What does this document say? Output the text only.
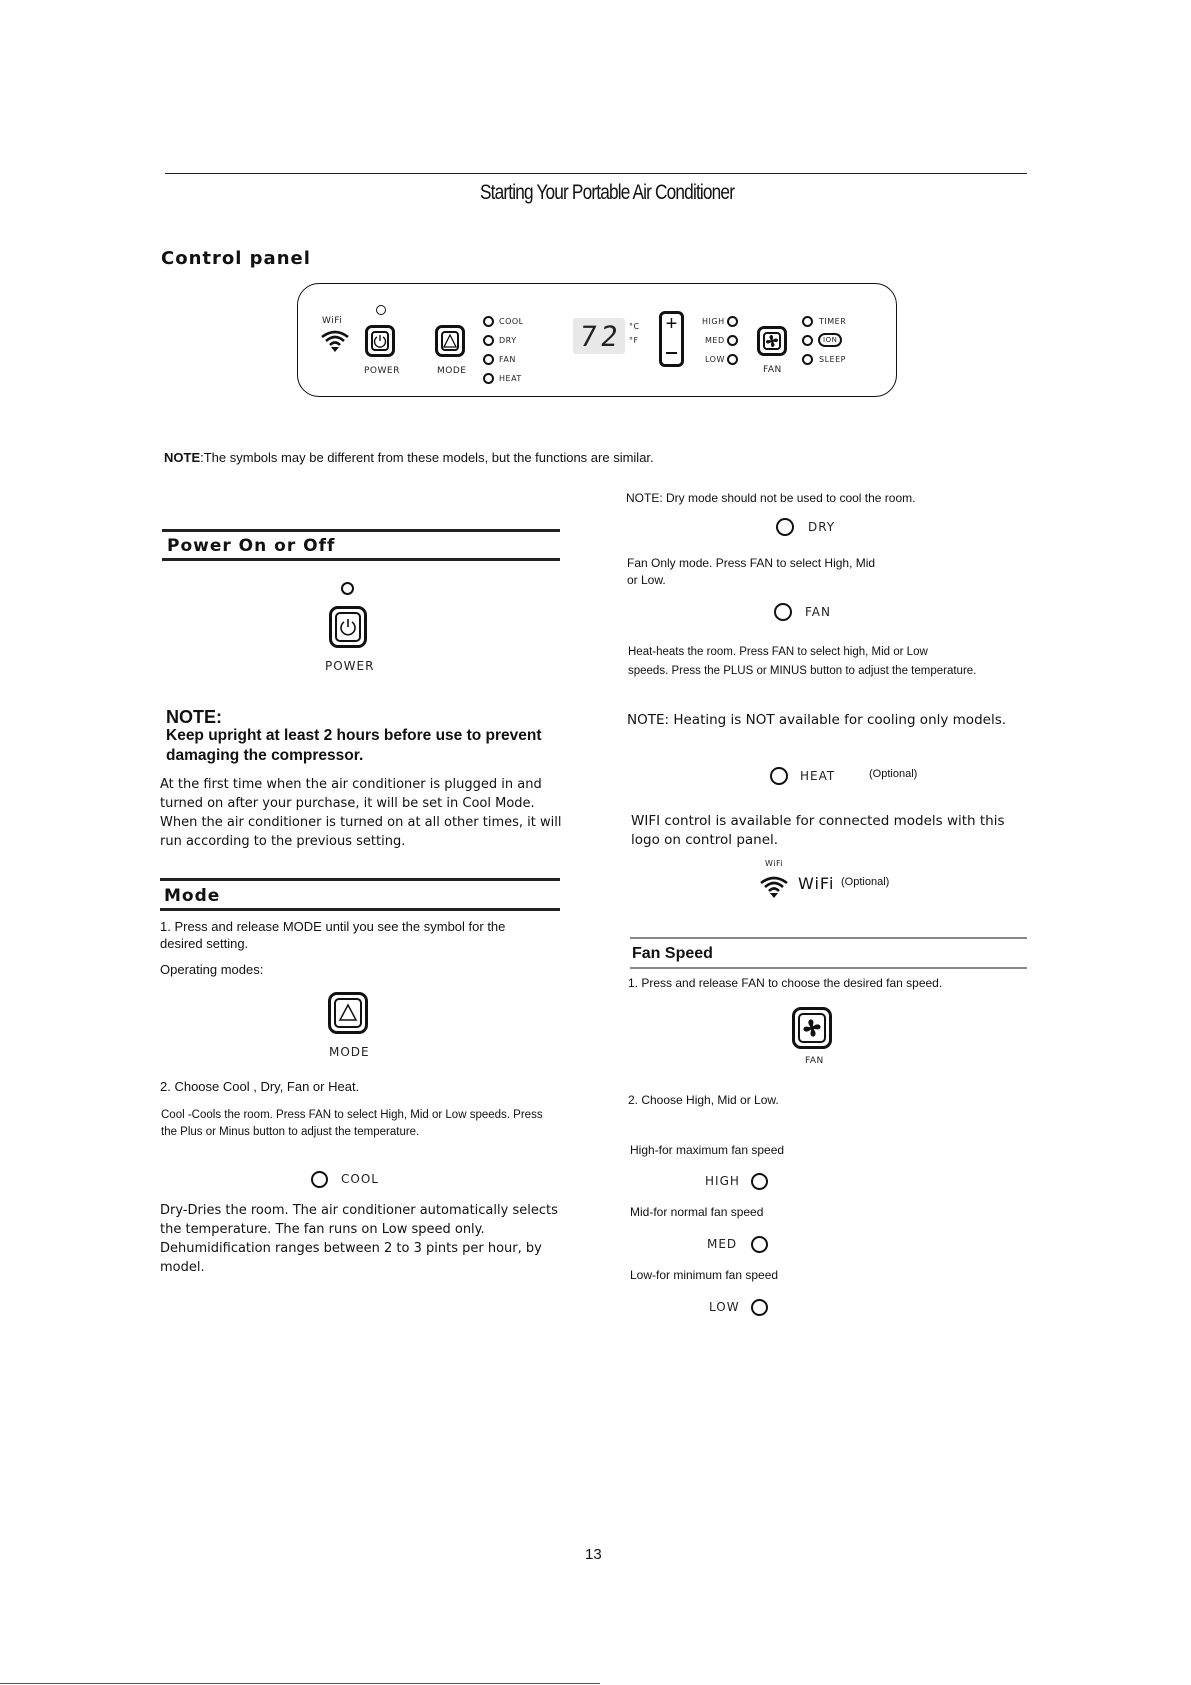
Starting Your Portable Air Conditioner
Control panel
WiFi
POWER	MODE
COOL
DRY
FAN
HEAT
72 °C
°F
+	HIGH
MED
LOW
FAN
TIMER
ION
SLEEP
NOTE:The symbols may be different from these models, but the functions are similar.
Power On or Off
POWER
NOTE:
Keep upright at least 2 hours before use to prevent damaging the compressor.
At the first time when the air conditioner is plugged in and turned on after your purchase, it will be set in Cool Mode. When the air conditioner is turned on at all other times, it will run according to the previous setting.
Mode
1. Press and release MODE until you see the symbol for the desired setting.
Operating modes:
MODE
2. Choose Cool , Dry, Fan or Heat.
Cool -Cools the room. Press FAN to select High, Mid or Low speeds. Press the Plus or Minus button to adjust the temperature.
COOL
Dry-Dries the room. The air conditioner automatically selects the temperature. The fan runs on Low speed only. Dehumidification ranges between 2 to 3 pints per hour, by model.
NOTE: Dry mode should not be used to cool the room.
DRY
Fan Only mode. Press FAN to select High, Mid or Low.
FAN
Heat-heats the room. Press FAN to select high, Mid or Low
speeds. Press the PLUS or MINUS button to adjust the temperature.
NOTE: Heating is NOT available for cooling only models.
HEAT	(Optional)
WIFI control is available for connected models with this logo on control panel.
WiFi
WiFi (Optional)
Fan Speed
1. Press and release FAN to choose the desired fan speed.
FAN
2. Choose High, Mid or Low.
High-for maximum fan speed
HIGH
Mid-for normal fan speed
MED
Low-for minimum fan speed
LOW
13
